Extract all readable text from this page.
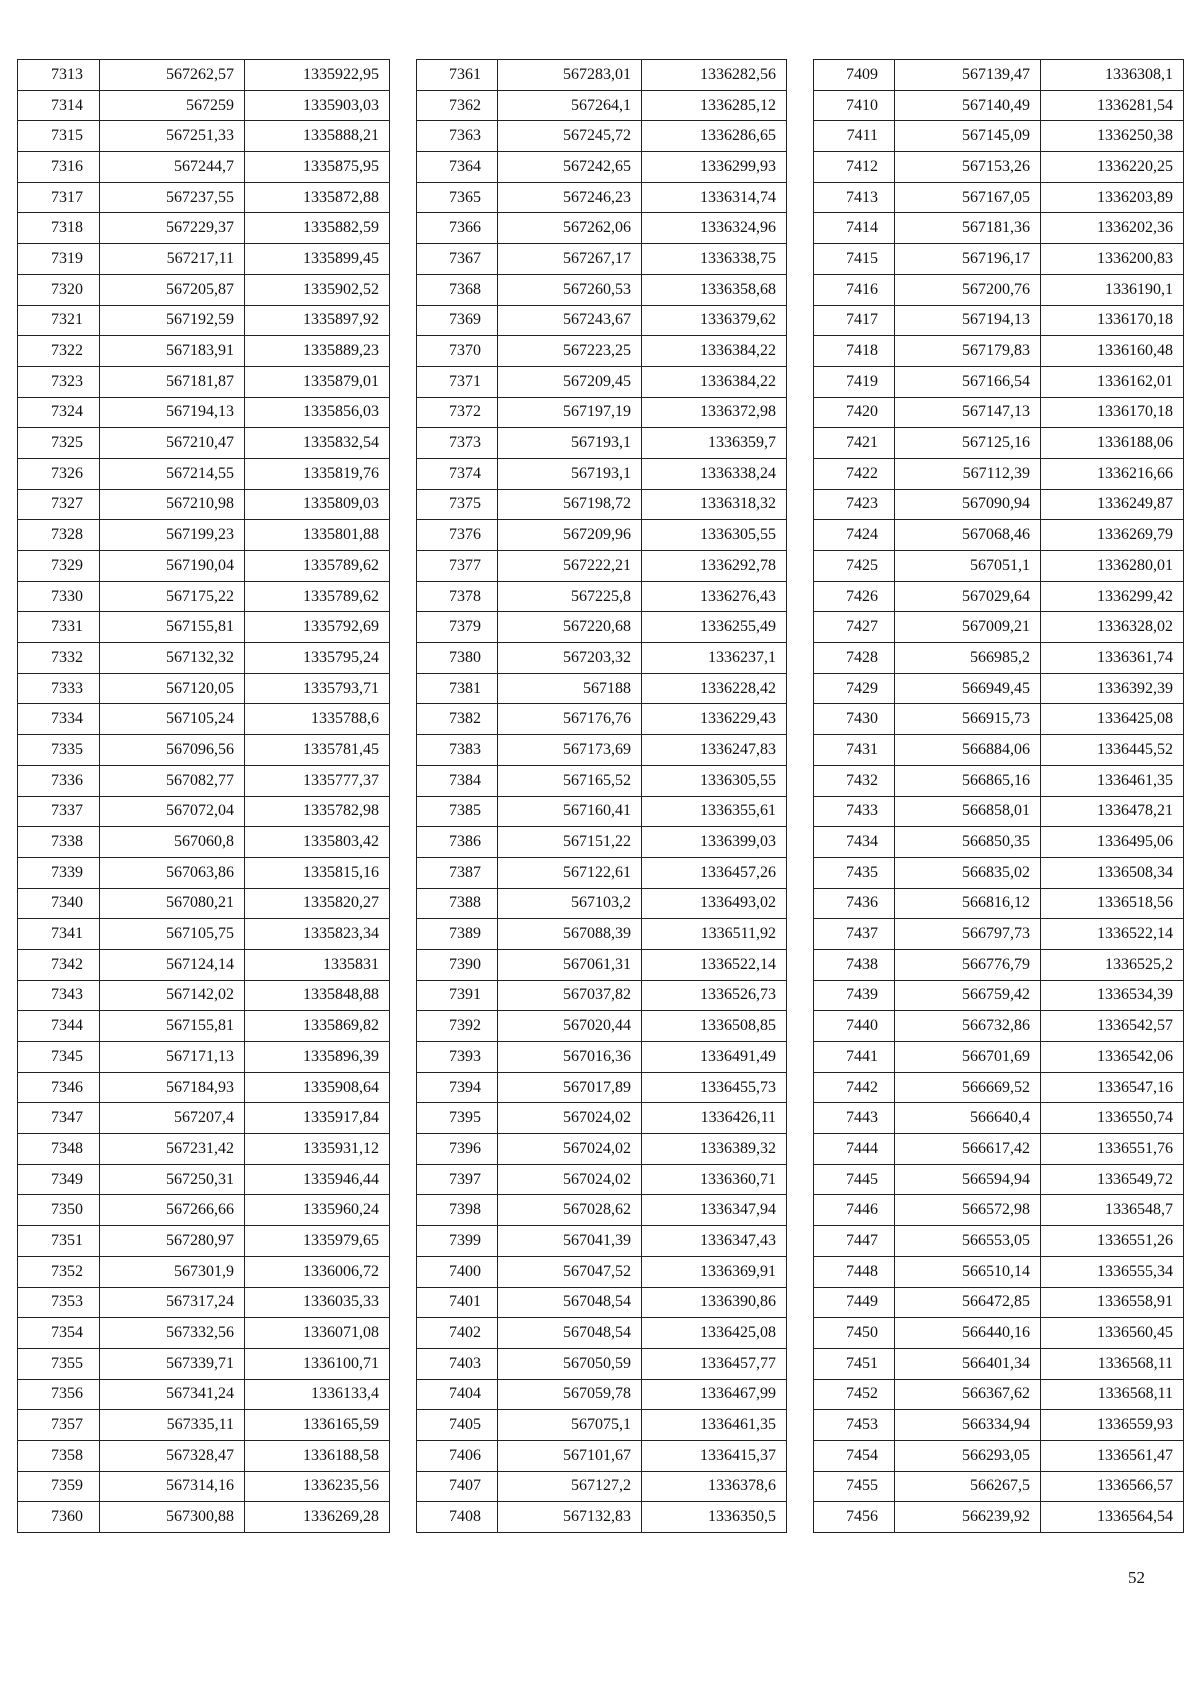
7313	567262,57	1335922,95
7314	567259	1335903,03
7315	567251,33	1335888,21
7316	567244,7	1335875,95
7317	567237,55	1335872,88
7318	567229,37	1335882,59
7319	567217,11	1335899,45
7320	567205,87	1335902,52
7321	567192,59	1335897,92
7322	567183,91	1335889,23
7323	567181,87	1335879,01
7324	567194,13	1335856,03
7325	567210,47	1335832,54
7326	567214,55	1335819,76
7327	567210,98	1335809,03
7328	567199,23	1335801,88
7329	567190,04	1335789,62
7330	567175,22	1335789,62
7331	567155,81	1335792,69
7332	567132,32	1335795,24
7333	567120,05	1335793,71
7334	567105,24	1335788,6
7335	567096,56	1335781,45
7336	567082,77	1335777,37
7337	567072,04	1335782,98
7338	567060,8	1335803,42
7339	567063,86	1335815,16
7340	567080,21	1335820,27
7341	567105,75	1335823,34
7342	567124,14	1335831
7343	567142,02	1335848,88
7344	567155,81	1335869,82
7345	567171,13	1335896,39
7346	567184,93	1335908,64
7347	567207,4	1335917,84
7348	567231,42	1335931,12
7349	567250,31	1335946,44
7350	567266,66	1335960,24
7351	567280,97	1335979,65
7352	567301,9	1336006,72
7353	567317,24	1336035,33
7354	567332,56	1336071,08
7355	567339,71	1336100,71
7356	567341,24	1336133,4
7357	567335,11	1336165,59
7358	567328,47	1336188,58
7359	567314,16	1336235,56
7360	567300,88	1336269,28
7361	567283,01	1336282,56
7362	567264,1	1336285,12
7363	567245,72	1336286,65
7364	567242,65	1336299,93
7365	567246,23	1336314,74
7366	567262,06	1336324,96
7367	567267,17	1336338,75
7368	567260,53	1336358,68
7369	567243,67	1336379,62
7370	567223,25	1336384,22
7371	567209,45	1336384,22
7372	567197,19	1336372,98
7373	567193,1	1336359,7
7374	567193,1	1336338,24
7375	567198,72	1336318,32
7376	567209,96	1336305,55
7377	567222,21	1336292,78
7378	567225,8	1336276,43
7379	567220,68	1336255,49
7380	567203,32	1336237,1
7381	567188	1336228,42
7382	567176,76	1336229,43
7383	567173,69	1336247,83
7384	567165,52	1336305,55
7385	567160,41	1336355,61
7386	567151,22	1336399,03
7387	567122,61	1336457,26
7388	567103,2	1336493,02
7389	567088,39	1336511,92
7390	567061,31	1336522,14
7391	567037,82	1336526,73
7392	567020,44	1336508,85
7393	567016,36	1336491,49
7394	567017,89	1336455,73
7395	567024,02	1336426,11
7396	567024,02	1336389,32
7397	567024,02	1336360,71
7398	567028,62	1336347,94
7399	567041,39	1336347,43
7400	567047,52	1336369,91
7401	567048,54	1336390,86
7402	567048,54	1336425,08
7403	567050,59	1336457,77
7404	567059,78	1336467,99
7405	567075,1	1336461,35
7406	567101,67	1336415,37
7407	567127,2	1336378,6
7408	567132,83	1336350,5
7409	567139,47	1336308,1
7410	567140,49	1336281,54
7411	567145,09	1336250,38
7412	567153,26	1336220,25
7413	567167,05	1336203,89
7414	567181,36	1336202,36
7415	567196,17	1336200,83
7416	567200,76	1336190,1
7417	567194,13	1336170,18
7418	567179,83	1336160,48
7419	567166,54	1336162,01
7420	567147,13	1336170,18
7421	567125,16	1336188,06
7422	567112,39	1336216,66
7423	567090,94	1336249,87
7424	567068,46	1336269,79
7425	567051,1	1336280,01
7426	567029,64	1336299,42
7427	567009,21	1336328,02
7428	566985,2	1336361,74
7429	566949,45	1336392,39
7430	566915,73	1336425,08
7431	566884,06	1336445,52
7432	566865,16	1336461,35
7433	566858,01	1336478,21
7434	566850,35	1336495,06
7435	566835,02	1336508,34
7436	566816,12	1336518,56
7437	566797,73	1336522,14
7438	566776,79	1336525,2
7439	566759,42	1336534,39
7440	566732,86	1336542,57
7441	566701,69	1336542,06
7442	566669,52	1336547,16
7443	566640,4	1336550,74
7444	566617,42	1336551,76
7445	566594,94	1336549,72
7446	566572,98	1336548,7
7447	566553,05	1336551,26
7448	566510,14	1336555,34
7449	566472,85	1336558,91
7450	566440,16	1336560,45
7451	566401,34	1336568,11
7452	566367,62	1336568,11
7453	566334,94	1336559,93
7454	566293,05	1336561,47
7455	566267,5	1336566,57
7456	566239,92	1336564,54
52
